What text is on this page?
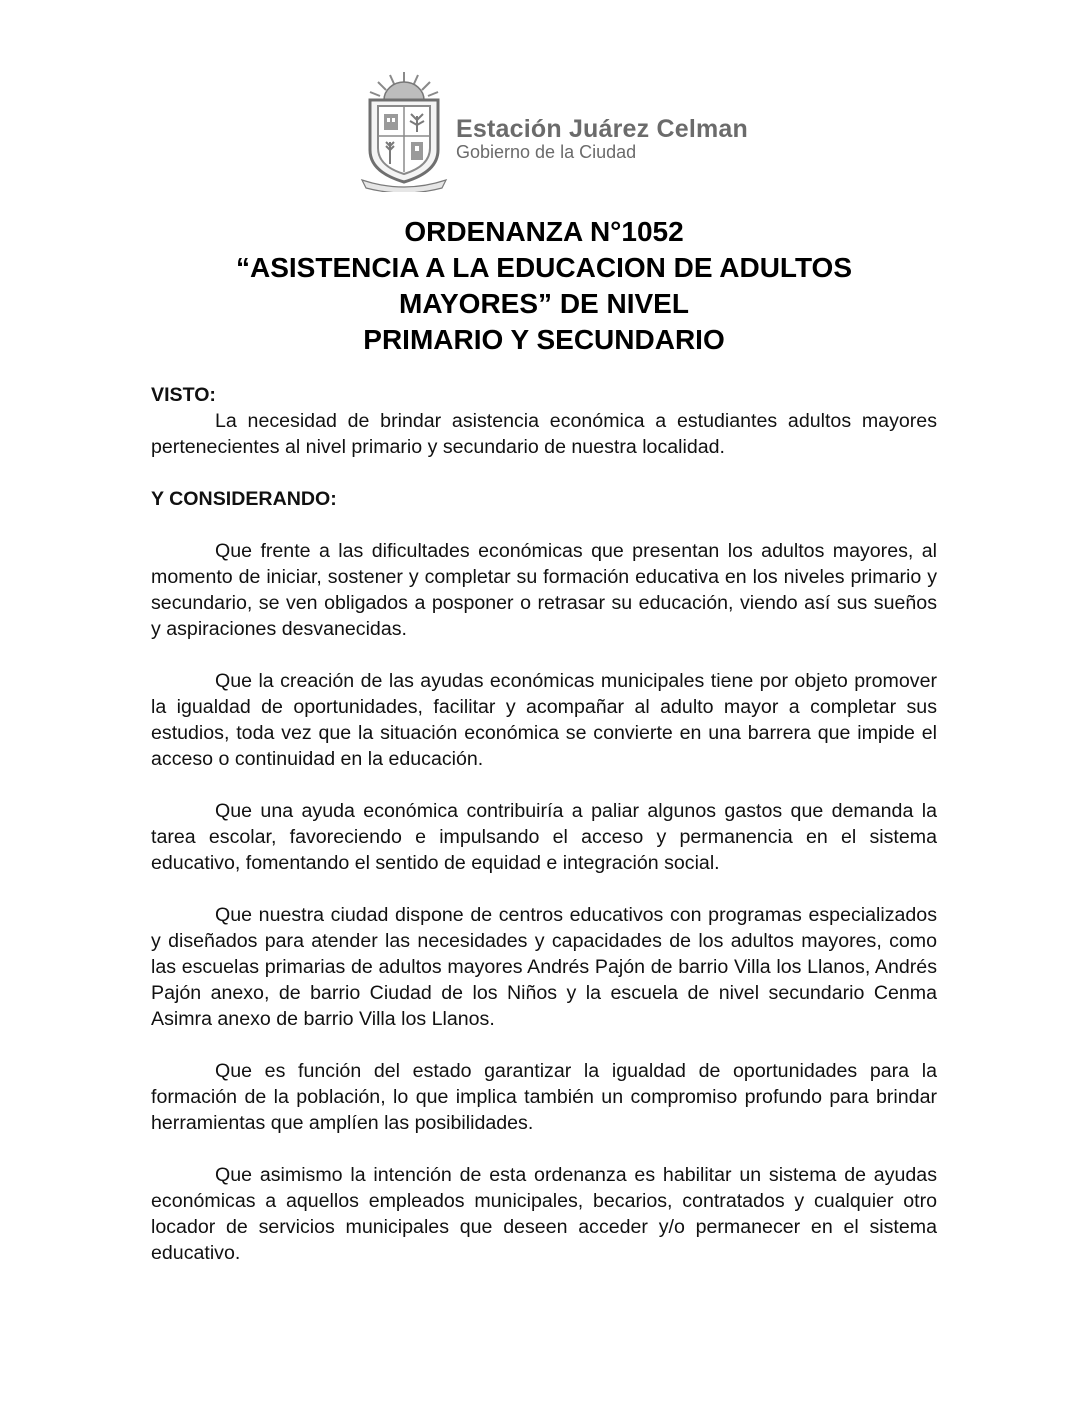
Estación Juárez Celman
Gobierno de la Ciudad
ORDENANZA N°1052
“ASISTENCIA A LA EDUCACION DE ADULTOS
MAYORES” DE NIVEL
PRIMARIO Y SECUNDARIO

VISTO:

La necesidad de brindar asistencia económica a estudiantes adultos mayores pertenecientes al nivel primario y secundario de nuestra localidad.

Y CONSIDERANDO:

Que frente a las dificultades económicas que presentan los adultos mayores, al momento de iniciar, sostener y completar su formación educativa en los niveles primario y secundario, se ven obligados a posponer o retrasar su educación, viendo así sus sueños y aspiraciones desvanecidas.

Que la creación de las ayudas económicas municipales tiene por objeto promover la igualdad de oportunidades, facilitar y acompañar al adulto mayor a completar sus estudios, toda vez que la situación económica se convierte en una barrera que impide el acceso o continuidad en la educación.

Que una ayuda económica contribuiría a paliar algunos gastos que demanda la tarea escolar, favoreciendo e impulsando el acceso y permanencia en el sistema educativo, fomentando el sentido de equidad e integración social.

Que nuestra ciudad dispone de centros educativos con programas especializados y diseñados para atender las necesidades y capacidades de los adultos mayores, como las escuelas primarias de adultos mayores Andrés Pajón de barrio Villa los Llanos, Andrés Pajón anexo, de barrio Ciudad de los Niños y la escuela de nivel secundario Cenma Asimra anexo de barrio Villa los Llanos.

Que es función del estado garantizar la igualdad de oportunidades para la formación de la población, lo que implica también un compromiso profundo para brindar herramientas que amplíen las posibilidades.

Que asimismo la intención de esta ordenanza es habilitar un sistema de ayudas económicas a aquellos empleados municipales, becarios, contratados y cualquier otro locador de servicios municipales que deseen acceder y/o permanecer en el sistema educativo.
